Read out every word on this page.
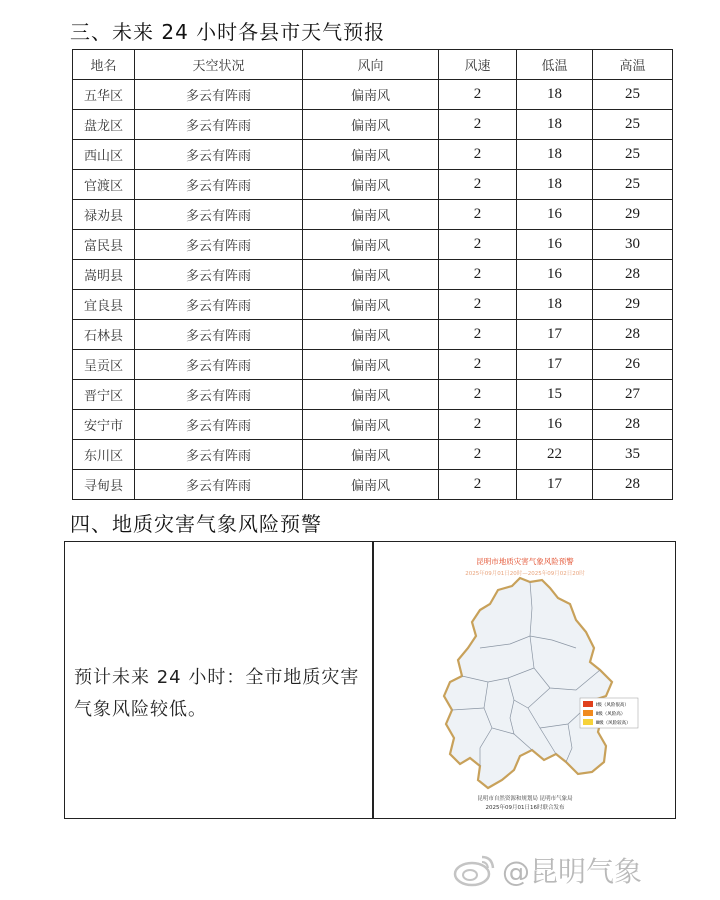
三、未来 24 小时各县市天气预报
地名	天空状况	风向	风速	低温	高温
五华区	多云有阵雨	偏南风	2	18	25
盘龙区	多云有阵雨	偏南风	2	18	25
西山区	多云有阵雨	偏南风	2	18	25
官渡区	多云有阵雨	偏南风	2	18	25
禄劝县	多云有阵雨	偏南风	2	16	29
富民县	多云有阵雨	偏南风	2	16	30
嵩明县	多云有阵雨	偏南风	2	16	28
宜良县	多云有阵雨	偏南风	2	18	29
石林县	多云有阵雨	偏南风	2	17	28
呈贡区	多云有阵雨	偏南风	2	17	26
晋宁区	多云有阵雨	偏南风	2	15	27
安宁市	多云有阵雨	偏南风	2	16	28
东川区	多云有阵雨	偏南风	2	22	35
寻甸县	多云有阵雨	偏南风	2	17	28
四、地质灾害气象风险预警
预计未来 24 小时：全市地质灾害气象风险较低。
昆明市地质灾害气象风险预警
2025年09月01日20时—2025年09月02日20时
Ⅰ级（风险很高）
Ⅱ级（风险高）
Ⅲ级（风险较高）
昆明市自然资源和规划局 昆明市气象局
2025年09月01日16时联合发布
@昆明气象
